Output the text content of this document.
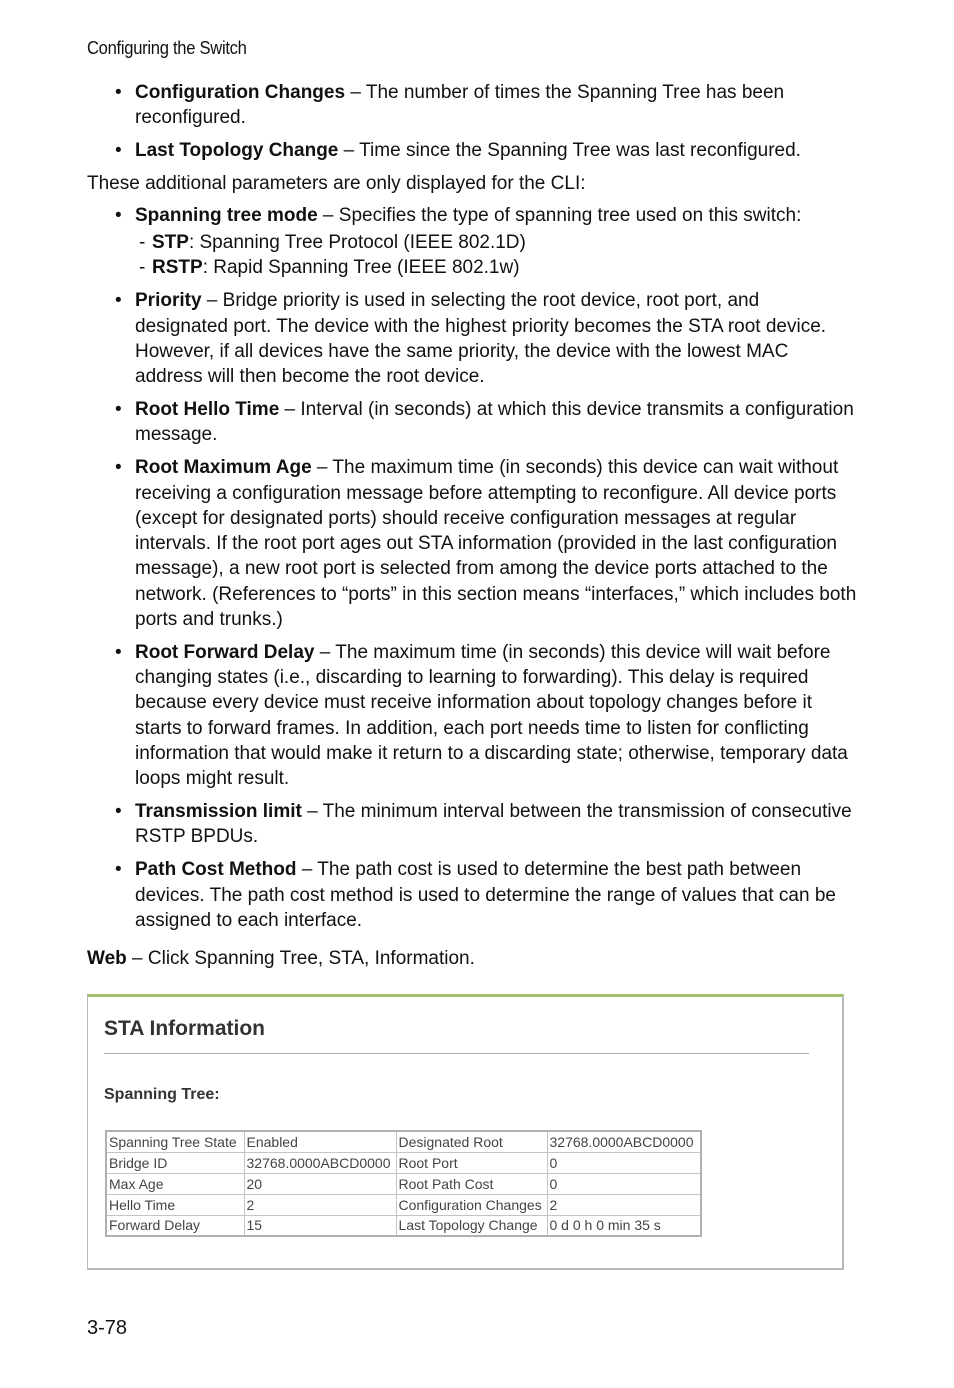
Configuring the Switch
• Configuration Changes – The number of times the Spanning Tree has been reconfigured.
• Last Topology Change – Time since the Spanning Tree was last reconfigured.
These additional parameters are only displayed for the CLI:
• Spanning tree mode – Specifies the type of spanning tree used on this switch:
- STP: Spanning Tree Protocol (IEEE 802.1D)
- RSTP: Rapid Spanning Tree (IEEE 802.1w)
• Priority – Bridge priority is used in selecting the root device, root port, and designated port. The device with the highest priority becomes the STA root device. However, if all devices have the same priority, the device with the lowest MAC address will then become the root device.
• Root Hello Time – Interval (in seconds) at which this device transmits a configuration message.
• Root Maximum Age – The maximum time (in seconds) this device can wait without receiving a configuration message before attempting to reconfigure. All device ports (except for designated ports) should receive configuration messages at regular intervals. If the root port ages out STA information (provided in the last configuration message), a new root port is selected from among the device ports attached to the network. (References to “ports” in this section means “interfaces,” which includes both ports and trunks.)
• Root Forward Delay – The maximum time (in seconds) this device will wait before changing states (i.e., discarding to learning to forwarding). This delay is required because every device must receive information about topology changes before it starts to forward frames. In addition, each port needs time to listen for conflicting information that would make it return to a discarding state; otherwise, temporary data loops might result.
• Transmission limit – The minimum interval between the transmission of consecutive RSTP BPDUs.
• Path Cost Method – The path cost is used to determine the best path between devices. The path cost method is used to determine the range of values that can be assigned to each interface.
Web – Click Spanning Tree, STA, Information.
STA Information
Spanning Tree:
Spanning Tree State	Enabled	Designated Root	32768.0000ABCD0000
Bridge ID	32768.0000ABCD0000	Root Port	0
Max Age	20	Root Path Cost	0
Hello Time	2	Configuration Changes	2
Forward Delay	15	Last Topology Change	0 d 0 h 0 min 35 s
3-78
